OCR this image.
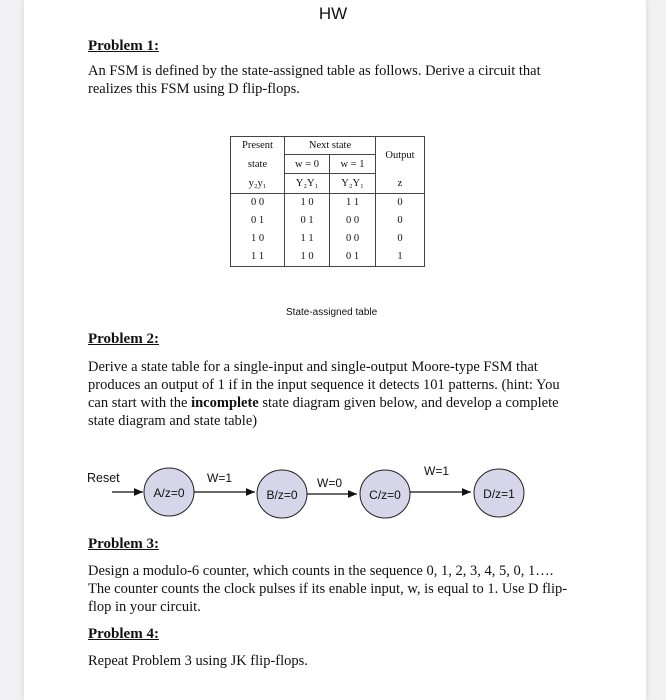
HW
Problem 1:
An FSM is defined by the state-assigned table as follows. Derive a circuit that
realizes this FSM using D flip-flops.
Present	Next state		Output
state	w = 0	w = 1	
y₂y₁	Y₂Y₁	Y₂Y₁	z
0 0	1 0	1 1	0
0 1	0 1	0 0	0
1 0	1 1	0 0	0
1 1	1 0	0 1	1
State-assigned table
Problem 2:
Derive a state table for a single-input and single-output Moore-type FSM that
produces an output of 1 if in the input sequence it detects 101 patterns. (hint: You
can start with the incomplete state diagram given below, and develop a complete
state diagram and state table)
Reset
A/z=0
W=1
B/z=0
W=0
C/z=0
W=1
D/z=1
Problem 3:
Design a modulo-6 counter, which counts in the sequence 0, 1, 2, 3, 4, 5, 0, 1….
The counter counts the clock pulses if its enable input, w, is equal to 1. Use D flip-
flop in your circuit.
Problem 4:
Repeat Problem 3 using JK flip-flops.
